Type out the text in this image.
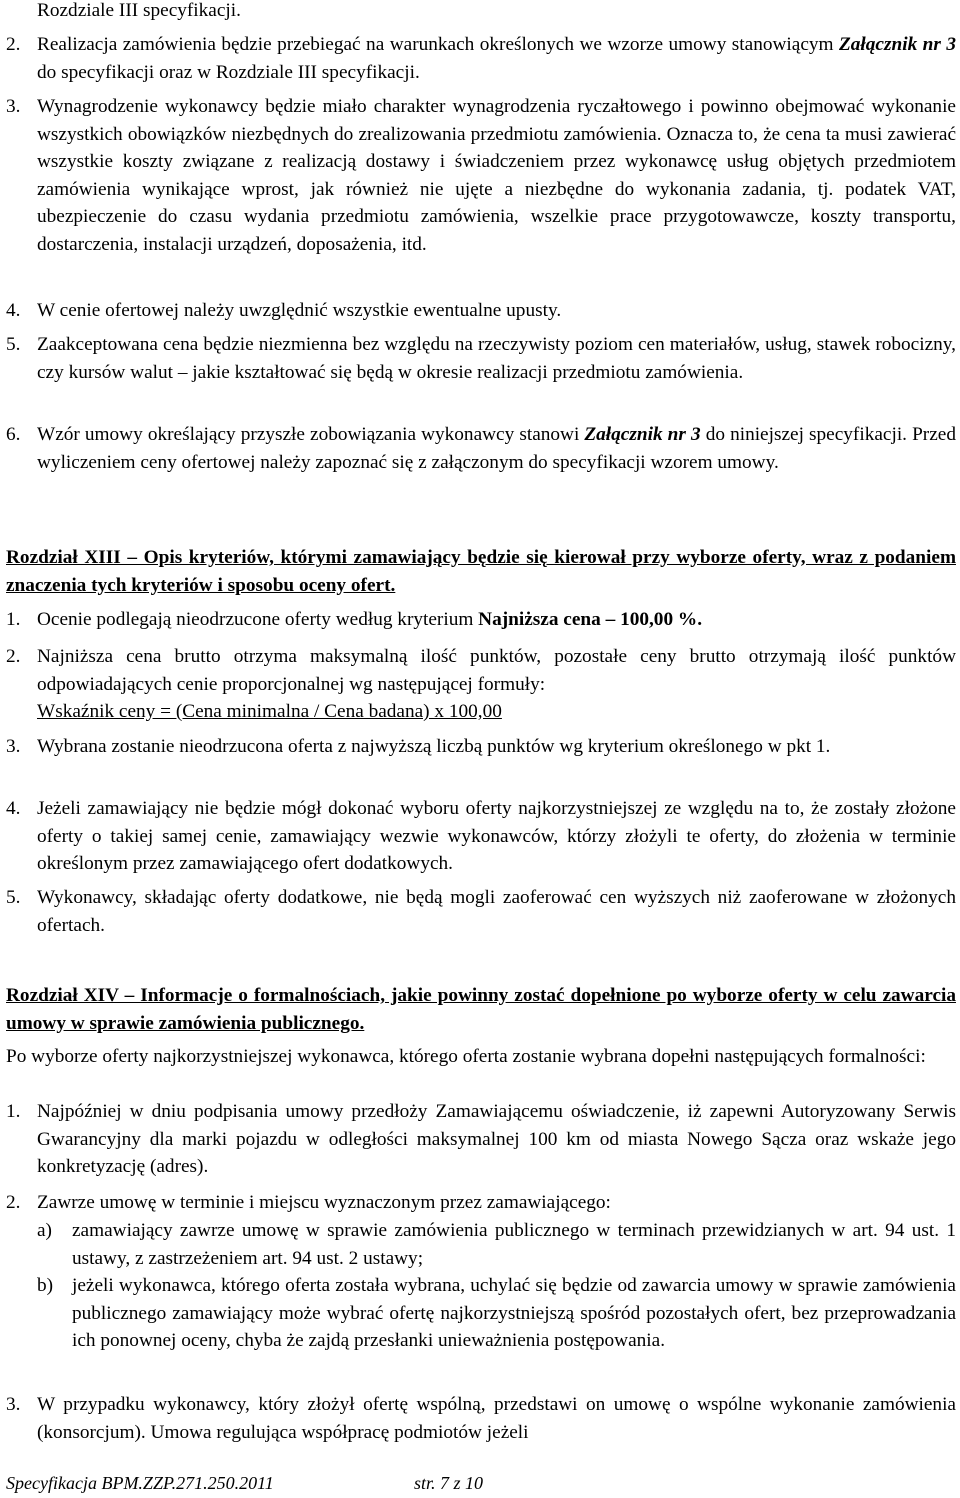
Rozdziale III specyfikacji.
2. Realizacja zamówienia będzie przebiegać na warunkach określonych we wzorze umowy stanowiącym Załącznik nr 3 do specyfikacji oraz w Rozdziale III specyfikacji.
3. Wynagrodzenie wykonawcy będzie miało charakter wynagrodzenia ryczałtowego i powinno obejmować wykonanie wszystkich obowiązków niezbędnych do zrealizowania przedmiotu zamówienia. Oznacza to, że cena ta musi zawierać wszystkie koszty związane z realizacją dostawy i świadczeniem przez wykonawcę usług objętych przedmiotem zamówienia wynikające wprost, jak również nie ujęte a niezbędne do wykonania zadania, tj. podatek VAT, ubezpieczenie do czasu wydania przedmiotu zamówienia, wszelkie prace przygotowawcze, koszty transportu, dostarczenia, instalacji urządzeń, doposażenia, itd.
4. W cenie ofertowej należy uwzględnić wszystkie ewentualne upusty.
5. Zaakceptowana cena będzie niezmienna bez względu na rzeczywisty poziom cen materiałów, usług, stawek robocizny, czy kursów walut – jakie kształtować się będą w okresie realizacji przedmiotu zamówienia.
6. Wzór umowy określający przyszłe zobowiązania wykonawcy stanowi Załącznik nr 3 do niniejszej specyfikacji. Przed wyliczeniem ceny ofertowej należy zapoznać się z załączonym do specyfikacji wzorem umowy.
Rozdział XIII – Opis kryteriów, którymi zamawiający będzie się kierował przy wyborze oferty, wraz z podaniem znaczenia tych kryteriów i sposobu oceny ofert.
1. Ocenie podlegają nieodrzucone oferty według kryterium Najniższa cena – 100,00 %.
2. Najniższa cena brutto otrzyma maksymalną ilość punktów, pozostałe ceny brutto otrzymają ilość punktów odpowiadających cenie proporcjonalnej wg następującej formuły:
Wskaźnik ceny = (Cena minimalna / Cena badana) x 100,00
3. Wybrana zostanie nieodrzucona oferta z najwyższą liczbą punktów wg kryterium określonego w pkt 1.
4. Jeżeli zamawiający nie będzie mógł dokonać wyboru oferty najkorzystniejszej ze względu na to, że zostały złożone oferty o takiej samej cenie, zamawiający wezwie wykonawców, którzy złożyli te oferty, do złożenia w terminie określonym przez zamawiającego ofert dodatkowych.
5. Wykonawcy, składając oferty dodatkowe, nie będą mogli zaoferować cen wyższych niż zaoferowane w złożonych ofertach.
Rozdział XIV – Informacje o formalnościach, jakie powinny zostać dopełnione po wyborze oferty w celu zawarcia umowy w sprawie zamówienia publicznego.
Po wyborze oferty najkorzystniejszej wykonawca, którego oferta zostanie wybrana dopełni następujących formalności:
1. Najpóźniej w dniu podpisania umowy przedłoży Zamawiającemu oświadczenie, iż zapewni Autoryzowany Serwis Gwarancyjny dla marki pojazdu w odległości maksymalnej 100 km od miasta Nowego Sącza oraz wskaże jego konkretyzację (adres).
2. Zawrze umowę w terminie i miejscu wyznaczonym przez zamawiającego:
a) zamawiający zawrze umowę w sprawie zamówienia publicznego w terminach przewidzianych w art. 94 ust. 1 ustawy, z zastrzeżeniem art. 94 ust. 2 ustawy;
b) jeżeli wykonawca, którego oferta została wybrana, uchylać się będzie od zawarcia umowy w sprawie zamówienia publicznego zamawiający może wybrać ofertę najkorzystniejszą spośród pozostałych ofert, bez przeprowadzania ich ponownej oceny, chyba że zajdą przesłanki unieważnienia postępowania.
3. W przypadku wykonawcy, który złożył ofertę wspólną, przedstawi on umowę o wspólne wykonanie zamówienia (konsorcjum). Umowa regulująca współpracę podmiotów jeżeli
Specyfikacja BPM.ZZP.271.250.2011	str. 7 z 10
